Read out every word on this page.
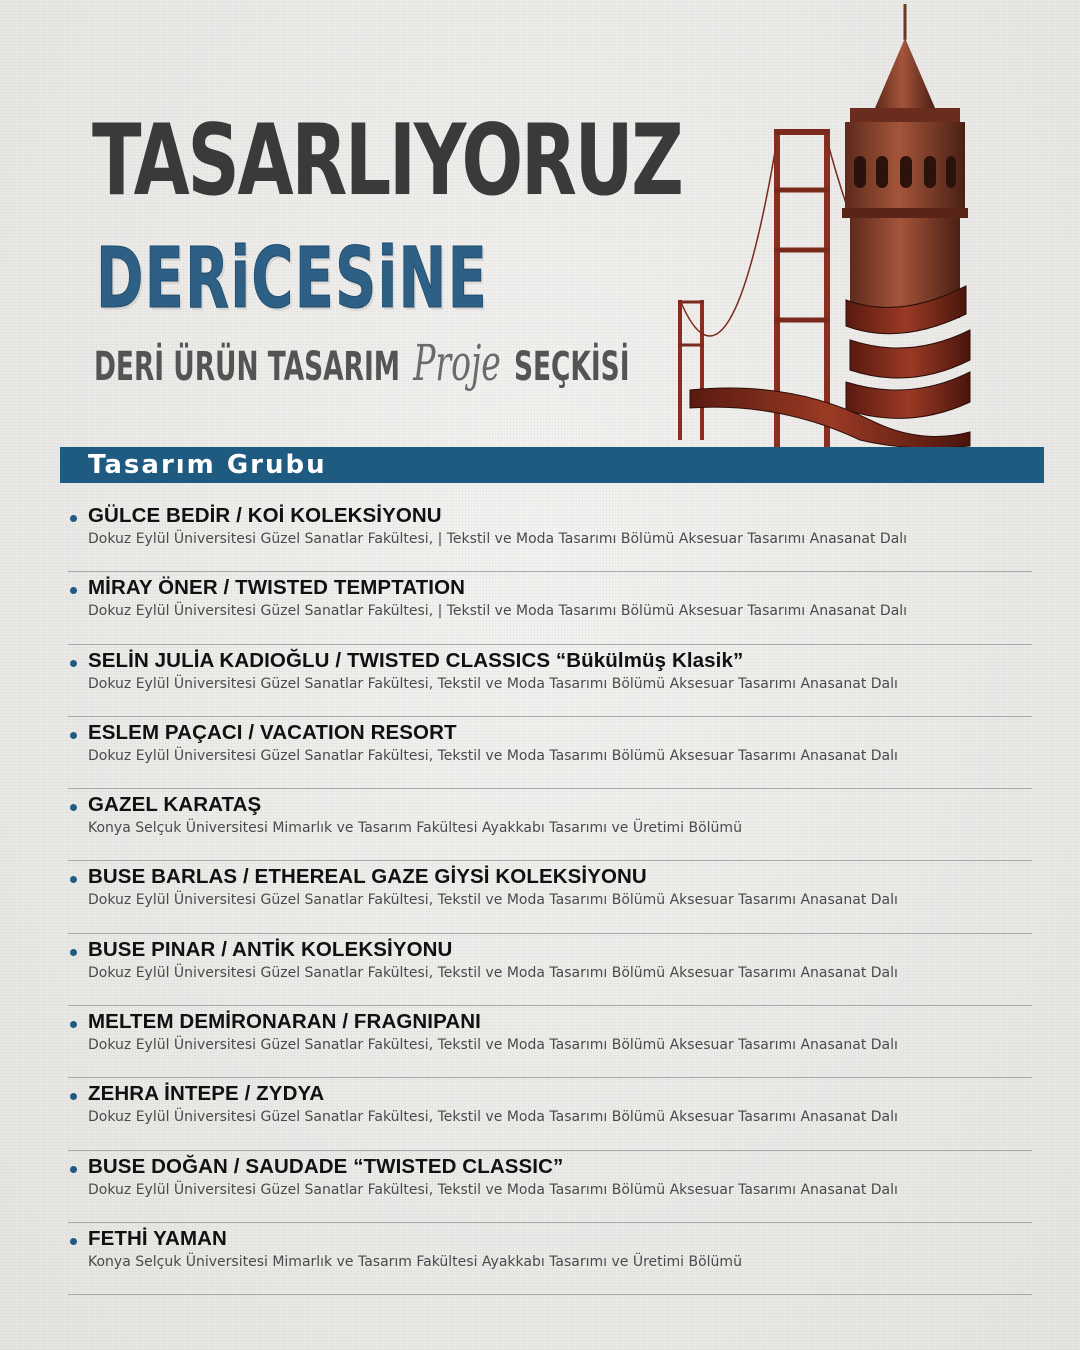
TASARLIYORUZ
DERiCESiNE
DERİ ÜRÜN TASARIM Proje SEÇKİSİ
Tasarım Grubu
GÜLCE BEDİR / KOİ KOLEKSİYONU
Dokuz Eylül Üniversitesi Güzel Sanatlar Fakültesi, | Tekstil ve Moda Tasarımı Bölümü Aksesuar Tasarımı Anasanat Dalı
MİRAY ÖNER / TWISTED TEMPTATION
Dokuz Eylül Üniversitesi Güzel Sanatlar Fakültesi, | Tekstil ve Moda Tasarımı Bölümü Aksesuar Tasarımı Anasanat Dalı
SELİN JULİA KADIOĞLU / TWISTED CLASSICS “Bükülmüş Klasik”
Dokuz Eylül Üniversitesi Güzel Sanatlar Fakültesi, Tekstil ve Moda Tasarımı Bölümü Aksesuar Tasarımı Anasanat Dalı
ESLEM PAÇACI / VACATION RESORT
Dokuz Eylül Üniversitesi Güzel Sanatlar Fakültesi, Tekstil ve Moda Tasarımı Bölümü Aksesuar Tasarımı Anasanat Dalı
GAZEL KARATAŞ
Konya Selçuk Üniversitesi Mimarlık ve Tasarım Fakültesi Ayakkabı Tasarımı ve Üretimi Bölümü
BUSE BARLAS / ETHEREAL GAZE GİYSİ KOLEKSİYONU
Dokuz Eylül Üniversitesi Güzel Sanatlar Fakültesi, Tekstil ve Moda Tasarımı Bölümü Aksesuar Tasarımı Anasanat Dalı
BUSE PINAR / ANTİK KOLEKSİYONU
Dokuz Eylül Üniversitesi Güzel Sanatlar Fakültesi, Tekstil ve Moda Tasarımı Bölümü Aksesuar Tasarımı Anasanat Dalı
MELTEM DEMİRONARAN / FRAGNIPANI
Dokuz Eylül Üniversitesi Güzel Sanatlar Fakültesi, Tekstil ve Moda Tasarımı Bölümü Aksesuar Tasarımı Anasanat Dalı
ZEHRA İNTEPE / ZYDYA
Dokuz Eylül Üniversitesi Güzel Sanatlar Fakültesi, Tekstil ve Moda Tasarımı Bölümü Aksesuar Tasarımı Anasanat Dalı
BUSE DOĞAN / SAUDADE “TWISTED CLASSIC”
Dokuz Eylül Üniversitesi Güzel Sanatlar Fakültesi, Tekstil ve Moda Tasarımı Bölümü Aksesuar Tasarımı Anasanat Dalı
FETHİ YAMAN
Konya Selçuk Üniversitesi Mimarlık ve Tasarım Fakültesi Ayakkabı Tasarımı ve Üretimi Bölümü
